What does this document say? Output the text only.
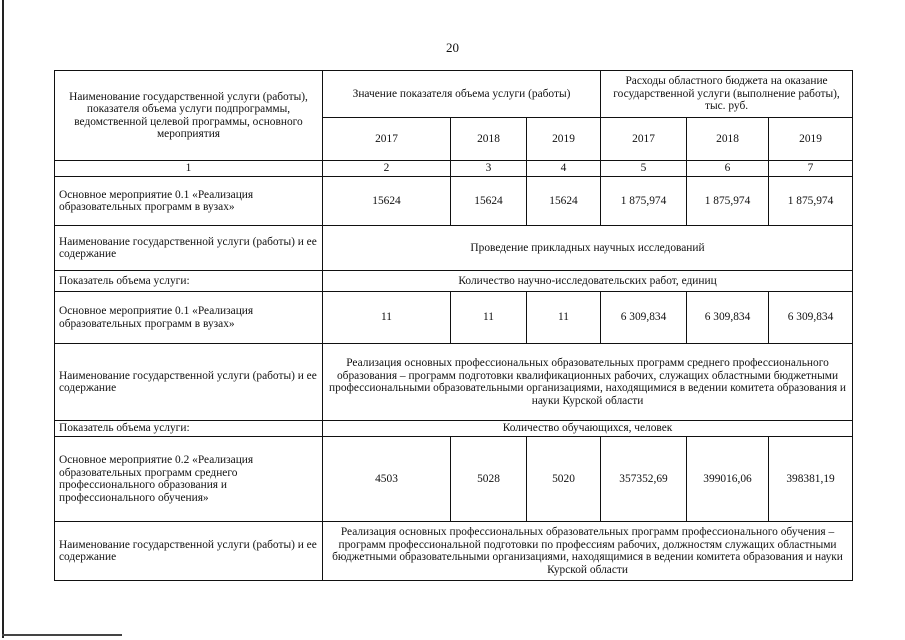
20
Наименование государственной услуги (работы), показателя объема услуги подпрограммы, ведомственной целевой программы, основного мероприятия	Значение показателя объема услуги (работы)			Расходы областного бюджета на оказание государственной услуги (выполнение работы), тыс. руб.		
	2017	2018	2019	2017	2018	2019
1	2	3	4	5	6	7
Основное мероприятие 0.1 «Реализация образовательных программ в вузах»	15624	15624	15624	1 875,974	1 875,974	1 875,974
Наименование государственной услуги (работы) и ее содержание	Проведение прикладных научных исследований					
Показатель объема услуги:	Количество научно-исследовательских работ, единиц					
Основное мероприятие 0.1 «Реализация образовательных программ в вузах»	11	11	11	6 309,834	6 309,834	6 309,834
Наименование государственной услуги (работы) и ее содержание	Реализация основных профессиональных образовательных программ среднего профессионального образования – программ подготовки квалификационных рабочих, служащих областными бюджетными профессиональными образовательными организациями, находящимися в ведении комитета образования и науки Курской области					
Показатель объема услуги:	Количество обучающихся, человек					
Основное мероприятие 0.2 «Реализация образовательных программ среднего профессионального образования и профессионального обучения»	4503	5028	5020	357352,69	399016,06	398381,19
Наименование государственной услуги (работы) и ее содержание	Реализация основных профессиональных образовательных программ профессионального обучения – программ профессиональной подготовки по профессиям рабочих, должностям служащих областными бюджетными образовательными организациями, находящимися в ведении комитета образования и науки Курской области					
